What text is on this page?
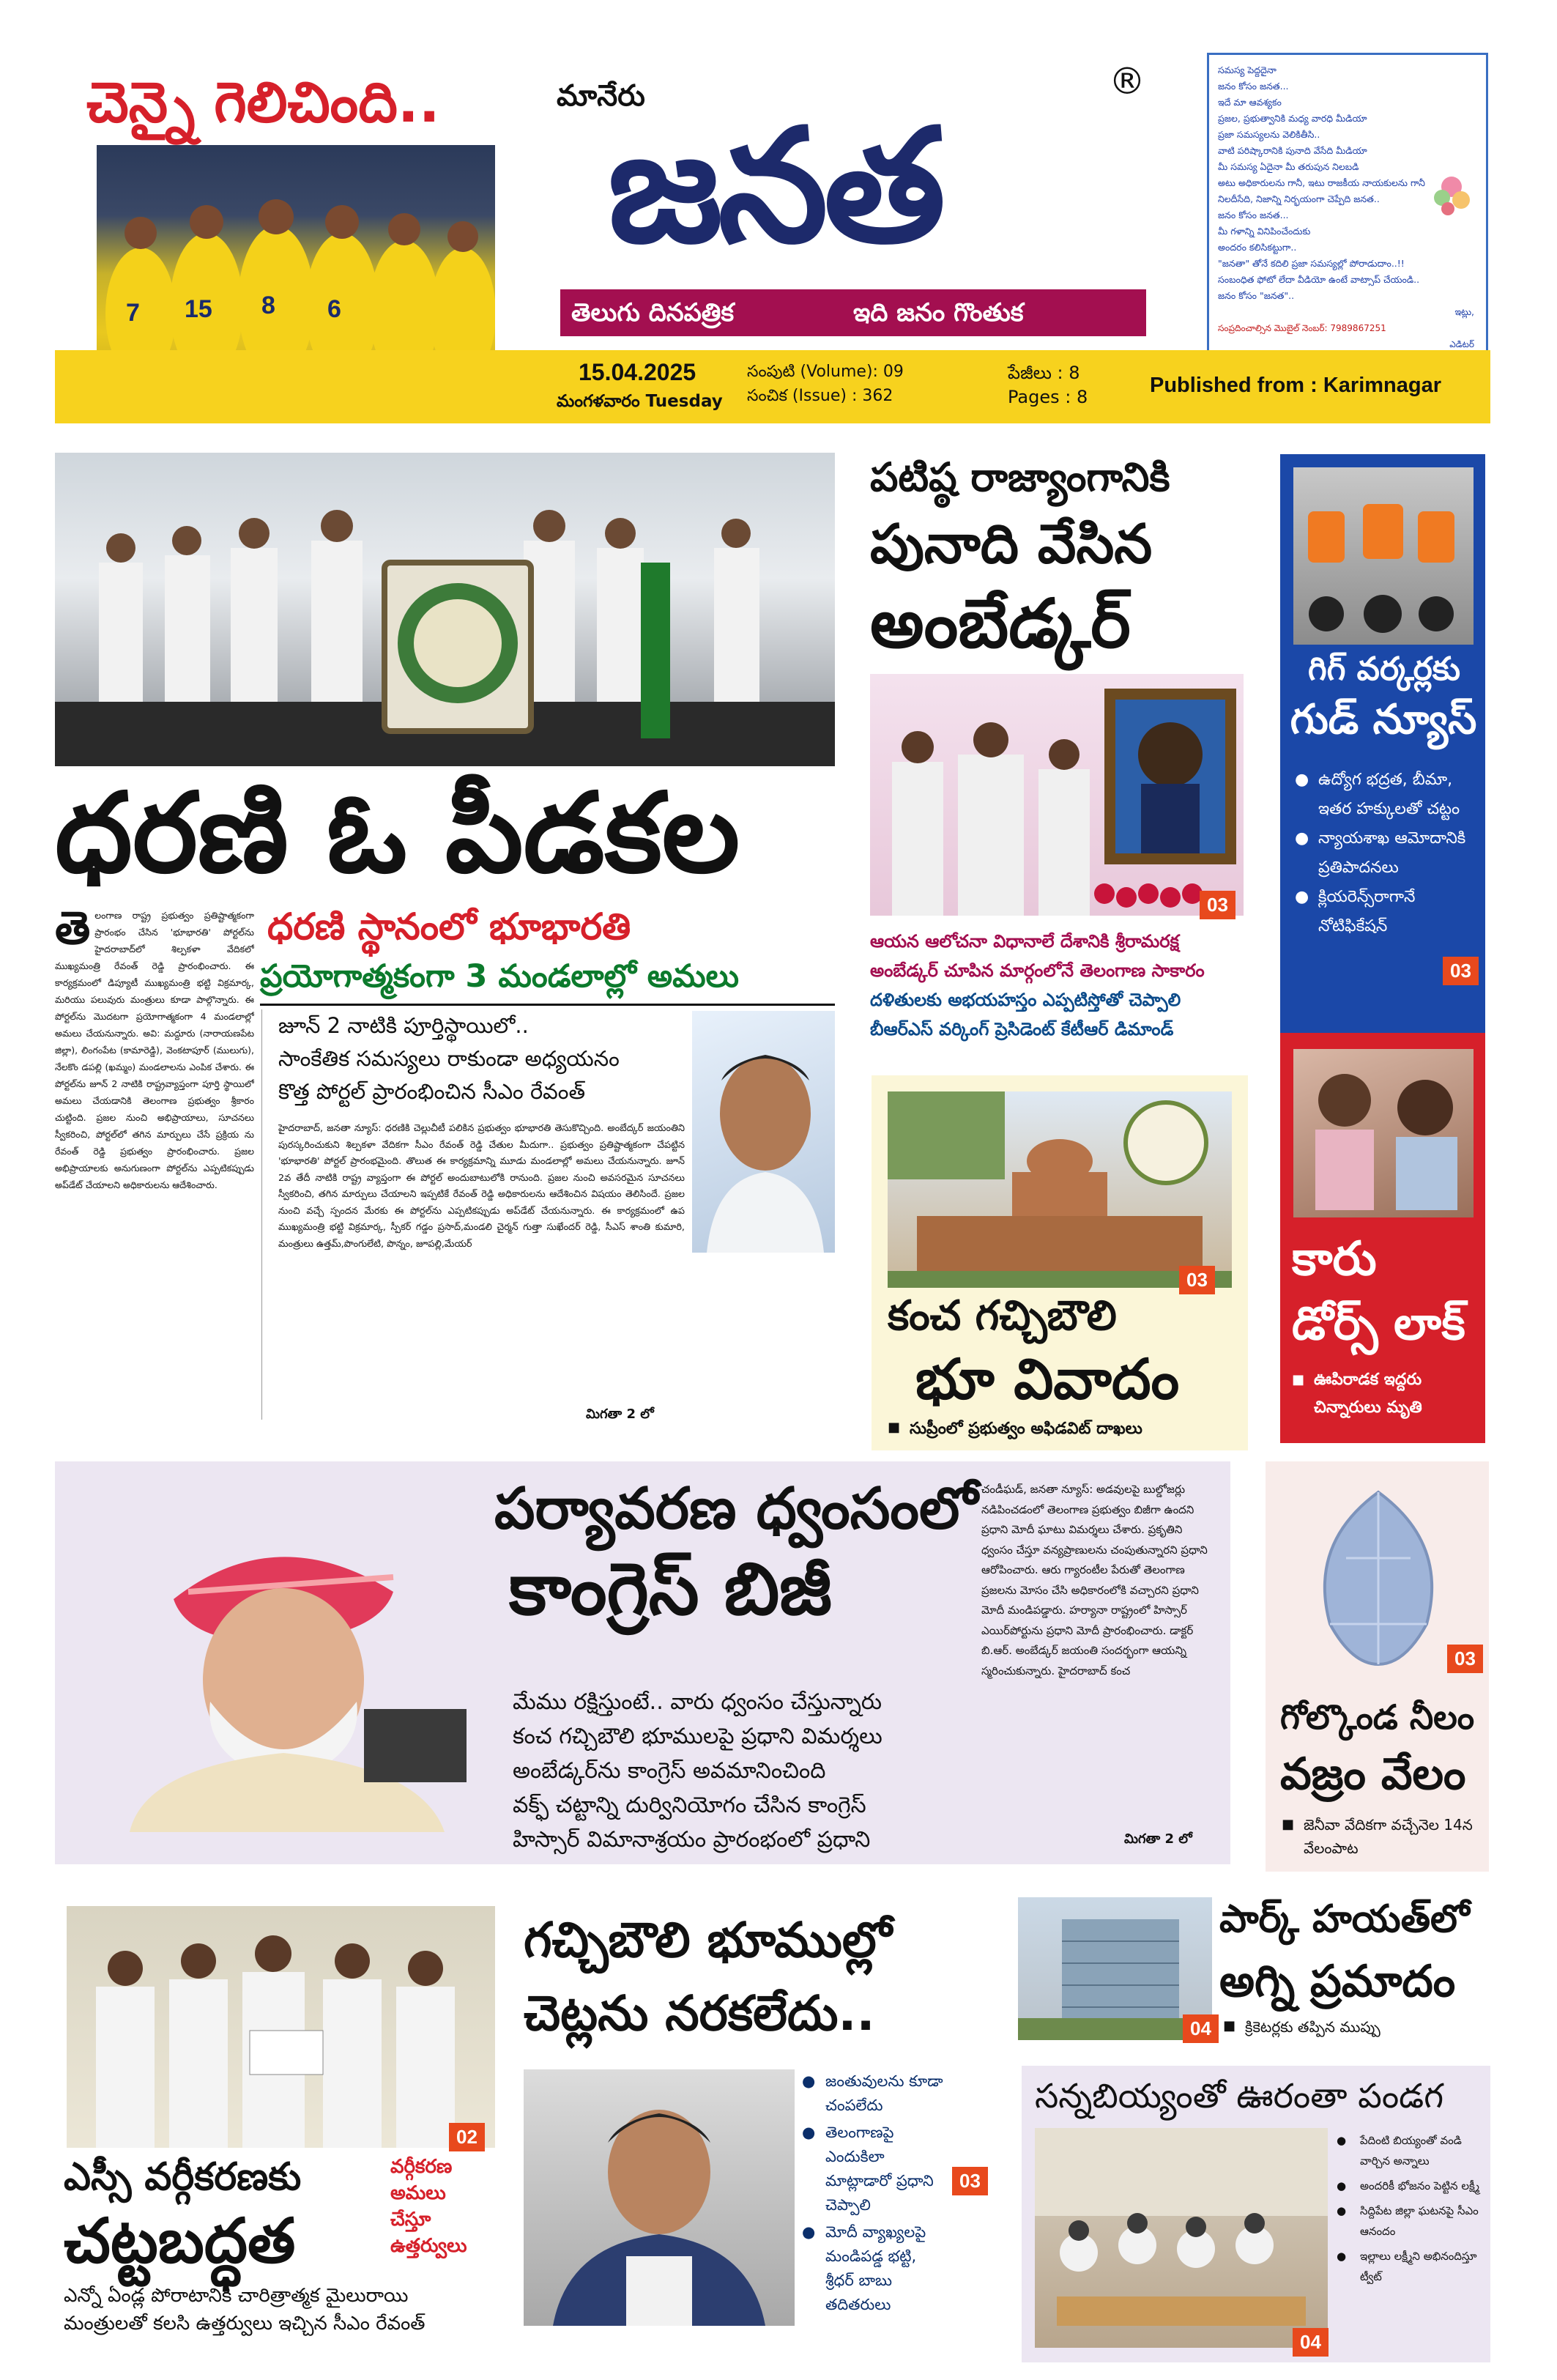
చెన్నై గెలిచింది..
7 15 8 6
మానేరు
జనత
®
తెలుగు దినపత్రిక	ఇది జనం గొంతుక
సమస్య పెద్దదైనా
జనం కోసం జనత...
ఇదే మా ఆవశ్యకం
ప్రజల, ప్రభుత్వానికి మధ్య వారధి మీడియా
ప్రజా సమస్యలను వెలికితీసి..
వాటి పరిష్కారానికి పునాది వేసేది మీడియా
మీ సమస్య ఏదైనా మీ తరుపున నిలబడి
అటు అధికారులను గానీ, ఇటు రాజకీయ నాయకులను గానీ
నిలదీసేది, నిజాన్ని నిర్భయంగా చెప్పేది జనత..
జనం కోసం జనత...
మీ గళాన్ని వినిపించేందుకు
అందరం కలిసికట్టుగా..
"జనతా" తోనే కదిలి ప్రజా సమస్యల్లో పోరాడుదాం..!!
సంబంధిత ఫోటో లేదా వీడియో ఉంటే వాట్సాప్ చేయండి..
జనం కోసం "జనత"..
ఇట్లు,
సంప్రదించాల్సిన మొబైల్ నెంబర్: 7989867251
ఎడిటర్
15.04.2025
మంగళవారం Tuesday
సంపుటి (Volume): 09
సంచిక (Issue) : 362
పేజీలు : 8
Pages : 8	Published from : Karimnagar
ధరణి ఓ పీడకల
ధరణి స్థానంలో భూభారతి
ప్రయోగాత్మకంగా 3 మండలాల్లో అమలు
జూన్ 2 నాటికి పూర్తిస్థాయిలో..
సాంకేతిక సమస్యలు రాకుండా అధ్యయనం
కొత్త పోర్టల్ ప్రారంభించిన సీఎం రేవంత్
తె లంగాణ రాష్ట్ర ప్రభుత్వం ప్రతిష్టాత్మకంగా ప్రారంభం చేసిన 'భూభారతి' పోర్టల్‌ను హైదరాబాద్‌లో శిల్పకళా వేదికలో ముఖ్యమంత్రి రేవంత్ రెడ్డి ప్రారంభించారు. ఈ కార్యక్రమంలో డిప్యూటీ ముఖ్యమంత్రి భట్టి విక్రమార్క, మరియు పలువురు మంత్రులు కూడా పాల్గొన్నారు. ఈ పోర్టల్‌ను మొదటగా ప్రయోగాత్మకంగా 4 మండలాల్లో అమలు చేయనున్నారు. అవి: మద్దూరు (నారాయణపేట జిల్లా), లింగంపేట (కామారెడ్డి), వెంకటాపూర్ (ములుగు), నేలకొం డపల్లి (ఖమ్మం) మండలాలను ఎంపిక చేశారు. ఈ పోర్టల్‌ను జూన్ 2 నాటికి రాష్ట్రవ్యాప్తంగా పూర్తి స్థాయిలో అమలు చేయడానికి తెలంగాణ ప్రభుత్వం శ్రీకారం చుట్టింది. ప్రజల నుంచి అభిప్రాయాలు, సూచనలు స్వీకరించి, పోర్టల్‌లో తగిన మార్పులు చేసే ప్రక్రియ ను రేవంత్ రెడ్డి ప్రభుత్వం ప్రారంభించారు. ప్రజల అభిప్రాయాలకు అనుగుణంగా పోర్టల్‌ను ఎప్పటికప్పుడు అప్‌డేట్ చేయాలని అధికారులను ఆదేశించారు.
హైదరాబాద్, జనతా న్యూస్: ధరణికి చెల్లుచీటీ పలికిన ప్రభుత్వం భూభారతి తెసుకొచ్చింది. అంబేద్కర్ జయంతిని పురస్కరించుకుని శిల్పకళా వేదికగా సీఎం రేవంత్ రెడ్డి చేతుల మీదుగా.. ప్రభుత్వం ప్రతిష్టాత్మకంగా చేపట్టిన 'భూభారతి' పోర్టల్ ప్రారంభమైంది. తొలుత ఈ కార్యక్రమాన్ని మూడు మండలాల్లో అమలు చేయనున్నారు. జూన్ 2వ తేదీ నాటికి రాష్ట్ర వ్యాప్తంగా ఈ పోర్టల్ అందుబాటులోకి రానుంది. ప్రజల నుంచి అవసరమైన సూచనలు స్వీకరించి, తగిన మార్పులు చేయాలని ఇప్పటికే రేవంత్ రెడ్డి అధికారులను ఆదేశించిన విషయం తెలిసిందే. ప్రజల నుంచి వచ్చే స్పందన మేరకు ఈ పోర్టల్‌ను ఎప్పటికప్పుడు అప్‌డేట్ చేయనున్నారు. ఈ కార్యక్రమంలో ఉప ముఖ్యమంత్రి భట్టి విక్రమార్క, స్పీకర్ గడ్డం ప్రసాద్,మండలి చైర్మన్ గుత్తా సుఖేందర్ రెడ్డి, సీఎస్ శాంతి కుమారి, మంత్రులు ఉత్తమ్,పొంగులేటి, పొన్నం, జూపల్లి,మేయర్
మిగతా 2 లో
పటిష్ఠ రాజ్యాంగానికి
పునాది వేసిన
అంబేడ్కర్
03
ఆయన ఆలోచనా విధానాలే దేశానికి శ్రీరామరక్ష
అంబేడ్కర్ చూపిన మార్గంలోనే తెలంగాణ సాకారం
దళితులకు అభయహస్తం ఎప్పటిస్తోతో చెప్పాలి
బీఆర్ఎస్ వర్కింగ్ ప్రెసిడెంట్ కేటీఆర్ డిమాండ్
గిగ్ వర్కర్లకు
గుడ్ న్యూస్
● ఉద్యోగ భద్రత, బీమా, ఇతర హక్కులతో చట్టం
● న్యాయశాఖ ఆమోదానికి ప్రతిపాదనలు
● క్లియరెన్స్‌రాగానే నోటిఫికేషన్
03
03
కంచ గచ్చిబౌలి
భూ వివాదం
■ సుప్రీంలో ప్రభుత్వం అఫిడవిట్ దాఖలు
కారు
డోర్స్ లాక్
■ ఊపిరాడక ఇద్దరు చిన్నారులు మృతి
పర్యావరణ ధ్వంసంలో
కాంగ్రెస్ బిజీ
మేము రక్షిస్తుంటే.. వారు ధ్వంసం చేస్తున్నారు
కంచ గచ్చిబౌలి భూములపై ప్రధాని విమర్శలు
అంబేడ్కర్‌ను కాంగ్రెస్ అవమానించింది
వక్ఫ్ చట్టాన్ని దుర్వినియోగం చేసిన కాంగ్రెస్
హిస్సార్ విమానాశ్రయం ప్రారంభంలో ప్రధాని
చండీఘడ్, జనతా న్యూస్: అడవులపై బుల్డోజర్లు నడిపించడంలో తెలంగాణ ప్రభుత్వం బిజీగా ఉందని ప్రధాని మోదీ ఘాటు విమర్శలు చేశారు. ప్రకృతిని ధ్వంసం చేస్తూ వన్యప్రాణులను చంపుతున్నారని ప్రధాని ఆరోపించారు. ఆరు గ్యారంటీల పేరుతో తెలంగాణ ప్రజలను మోసం చేసి అధికారంలోకి వచ్చారని ప్రధాని మోదీ మండిపడ్డారు. హర్యానా రాష్ట్రంలో హిస్సార్ ఎయిర్‌పోర్టును ప్రధాని మోదీ ప్రారంభించారు. డాక్టర్ బి.ఆర్. అంబేడ్కర్ జయంతి సందర్భంగా ఆయన్ని స్మరించుకున్నారు. హైదరాబాద్ కంచ
మిగతా 2 లో
03
గోల్కొండ నీలం
వజ్రం వేలం
■ జెనీవా వేదికగా వచ్చేనెల 14న వేలంపాట
02
ఎస్సీ వర్గీకరణకు
చట్టబద్ధత
వర్గీకరణ
అమలు
చేస్తూ
ఉత్తర్వులు
ఎన్నో ఏండ్ల పోరాటానికి చారిత్రాత్మక మైలురాయి
మంత్రులతో కలసి ఉత్తర్వులు ఇచ్చిన సీఎం రేవంత్
గచ్చిబౌలి భూముల్లో
చెట్లను నరకలేదు..
● జంతువులను కూడా చంపలేదు
● తెలంగాణపై ఎందుకిలా మాట్లాడారో ప్రధాని చెప్పాలి
● మోదీ వ్యాఖ్యలపై మండిపడ్డ భట్టి, శ్రీధర్ బాబు తదితరులు
03
04
పార్క్ హయత్‌లో
అగ్ని ప్రమాదం
■ క్రికెటర్లకు తప్పిన ముప్పు
సన్నబియ్యంతో ఊరంతా పండగ
04
● పేదింటి బియ్యంతో వండి వార్చిన అన్నాలు
● అందరికీ భోజనం పెట్టిన లక్ష్మీ
● సిద్దిపేట జిల్లా ఘటనపై సీఎం ఆనందం
● ఇల్లాలు లక్ష్మీని అభినందిస్తూ ట్వీట్
